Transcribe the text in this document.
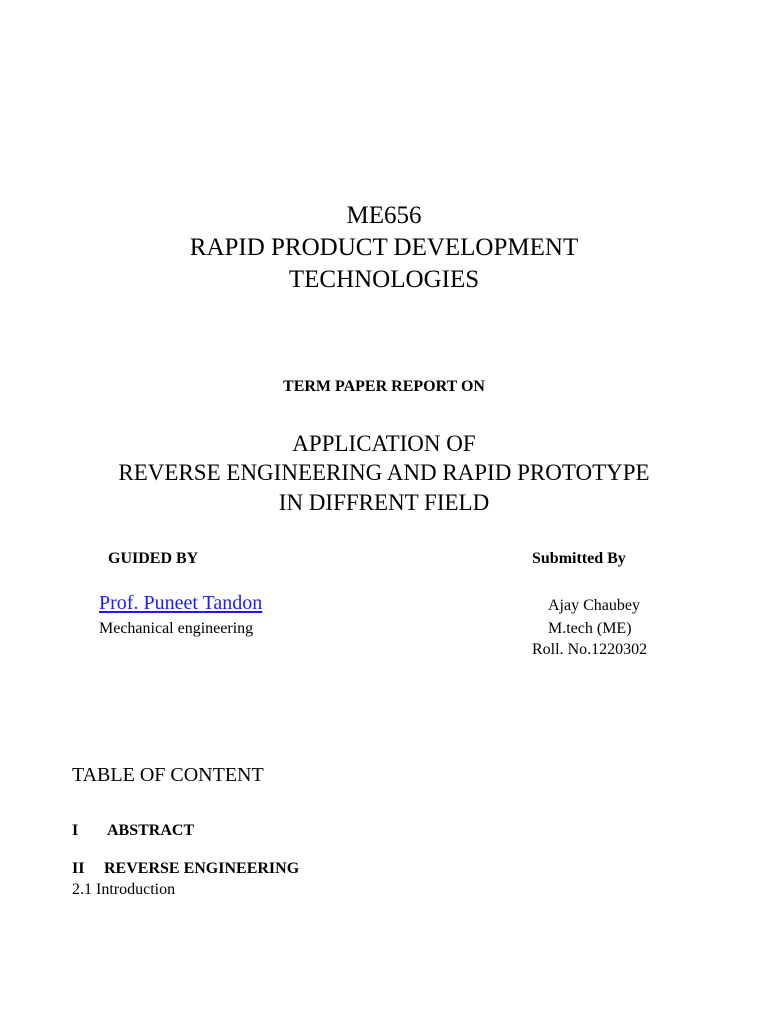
ME656
RAPID PRODUCT DEVELOPMENT
TECHNOLOGIES
TERM PAPER REPORT ON
APPLICATION OF
REVERSE ENGINEERING AND RAPID PROTOTYPE
IN DIFFRENT FIELD
GUIDED BY
Prof. Puneet Tandon
Mechanical engineering
Submitted By
Ajay Chaubey
M.tech (ME)
Roll. No.1220302
TABLE OF CONTENT
I ABSTRACT
II REVERSE ENGINEERING
2.1 Introduction
